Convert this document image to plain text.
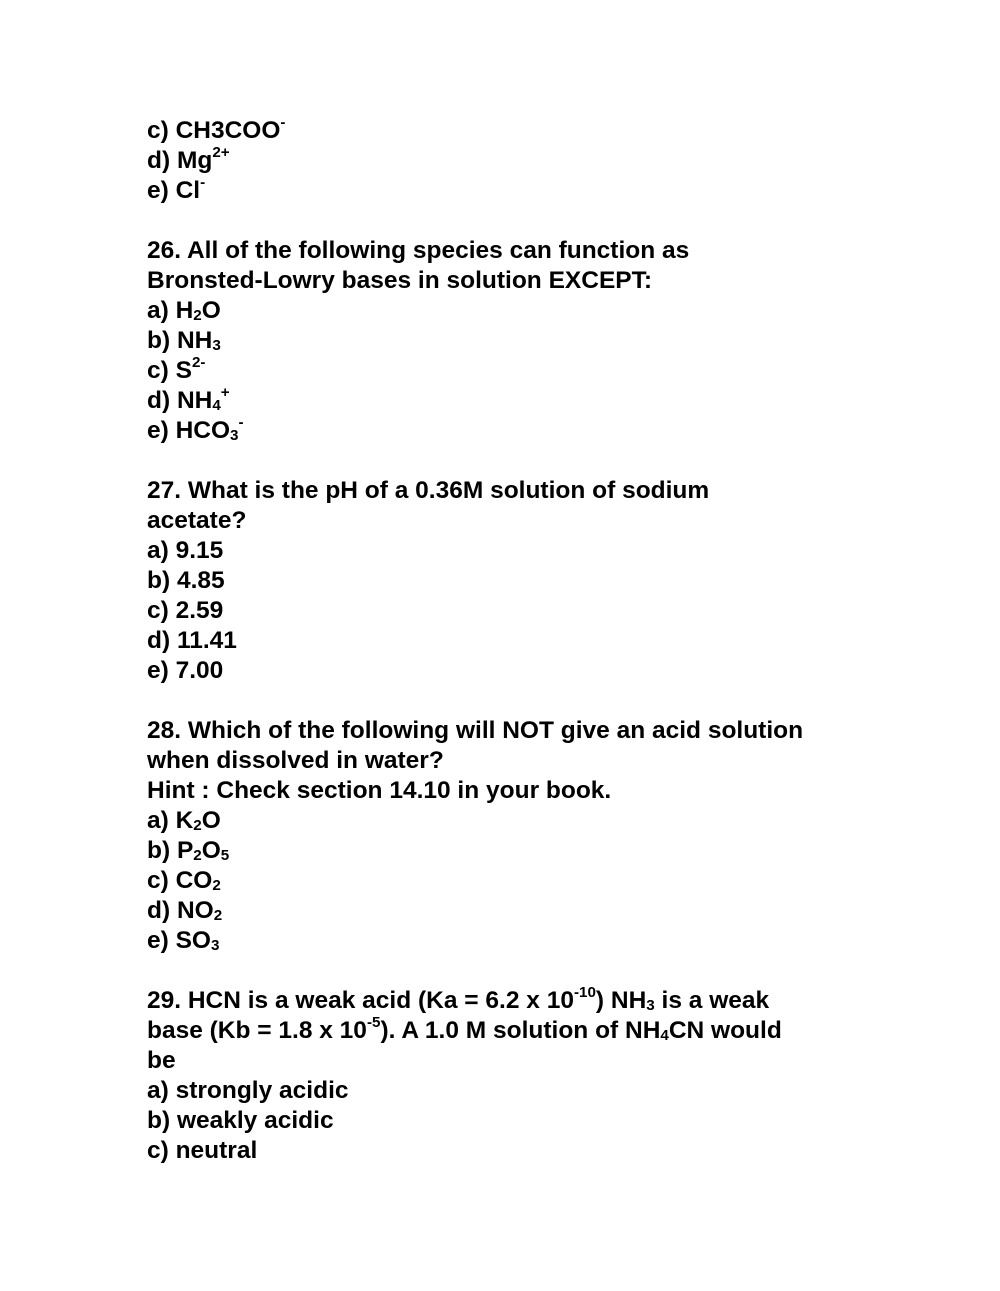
c) CH3COO-
d) $Mg^{2+}$
e) Cl-
26. All of the following species can function as
Bronsted-Lowry bases in solution EXCEPT:
a) $H_2O$
b) $NH_3$
c) $S^{2-}$
d) $NH_4^+$
e) $HCO_3^-$
27. What is the pH of a 0.36M solution of sodium
acetate?
a) 9.15
b) 4.85
c) 2.59
d) 11.41
e) 7.00
28. Which of the following will NOT give an acid solution
when dissolved in water?
Hint : Check section 14.10 in your book.
a) $K_2O$
b) $P_2O_5$
c) $CO_2$
d) $NO_2$
e) $SO_3$
29. HCN is a weak acid (Ka = 6.2 x $10^{-10}$) $NH_3$ is a weak
base (Kb = 1.8 x $10^{-5}$). A 1.0 M solution of $NH_4CN$ would
be
a) strongly acidic
b) weakly acidic
c) neutral
